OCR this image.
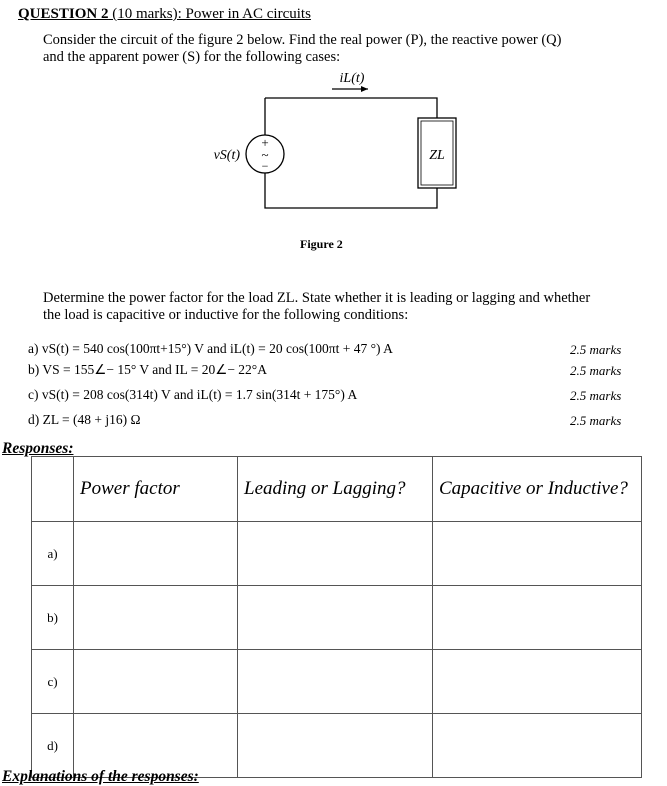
QUESTION 2 (10 marks): Power in AC circuits
Consider the circuit of the figure 2 below. Find the real power (P), the reactive power (Q)
and the apparent power (S) for the following cases:
+
~
−
vS(t)	ZL
iL(t)
Figure 2
Determine the power factor for the load ZL. State whether it is leading or lagging and whether
the load is capacitive or inductive for the following conditions:
a) vS(t) = 540 cos(100πt+15°) V and iL(t) = 20 cos(100πt + 47 °) A	2.5 marks
b) VS = 155∠− 15° V and IL = 20∠− 22°A	2.5 marks
c) vS(t) = 208 cos(314t) V and iL(t) = 1.7 sin(314t + 175°) A	2.5 marks
d) ZL = (48 + j16) Ω	2.5 marks
Responses:
	Power factor	Leading or Lagging?	Capacitive or Inductive?
a)			
b)			
c)			
d)			
Explanations of the responses:
